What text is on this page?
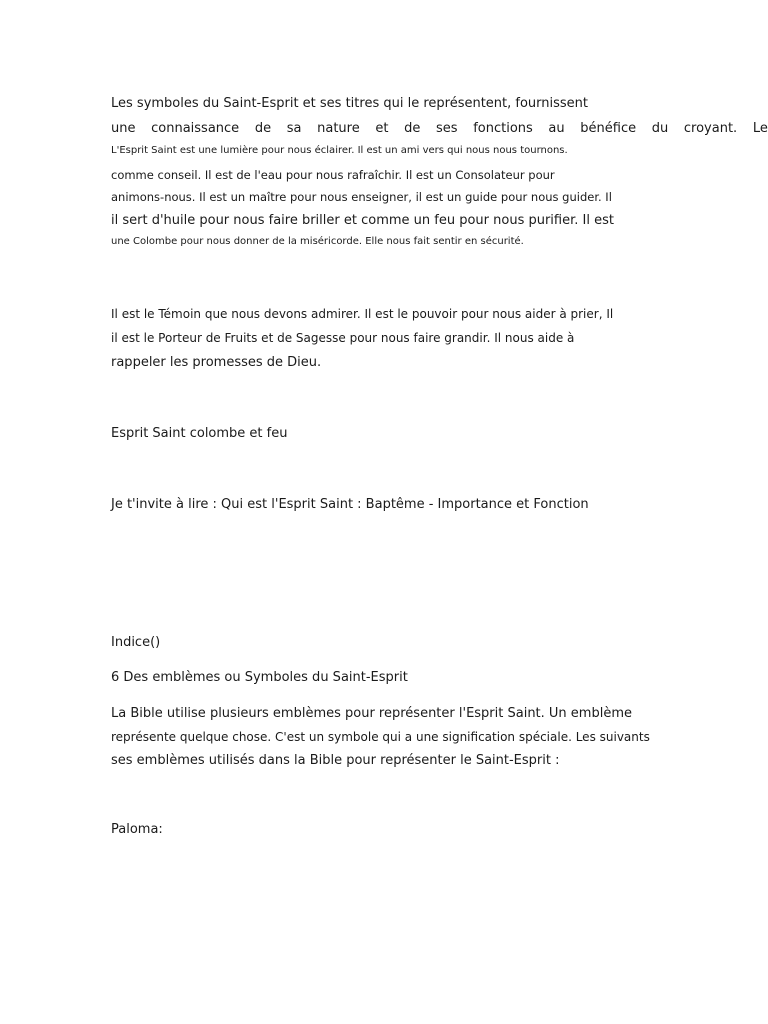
Les symboles du Saint-Esprit et ses titres qui le représentent, fournissent

une connaissance de sa nature et de ses fonctions au bénéfice du croyant. Le

L'Esprit Saint est une lumière pour nous éclairer. Il est un ami vers qui nous nous tournons.

comme conseil. Il est de l'eau pour nous rafraîchir. Il est un Consolateur pour

animons-nous. Il est un maître pour nous enseigner, il est un guide pour nous guider. Il

il sert d'huile pour nous faire briller et comme un feu pour nous purifier. Il est

une Colombe pour nous donner de la miséricorde. Elle nous fait sentir en sécurité.

Il est le Témoin que nous devons admirer. Il est le pouvoir pour nous aider à prier, Il

il est le Porteur de Fruits et de Sagesse pour nous faire grandir. Il nous aide à

rappeler les promesses de Dieu.

Esprit Saint colombe et feu

Je t'invite à lire : Qui est l'Esprit Saint : Baptême - Importance et Fonction

Indice()

6 Des emblèmes ou Symboles du Saint-Esprit

La Bible utilise plusieurs emblèmes pour représenter l'Esprit Saint. Un emblème

représente quelque chose. C'est un symbole qui a une signification spéciale. Les suivants

ses emblèmes utilisés dans la Bible pour représenter le Saint-Esprit :

Paloma:
